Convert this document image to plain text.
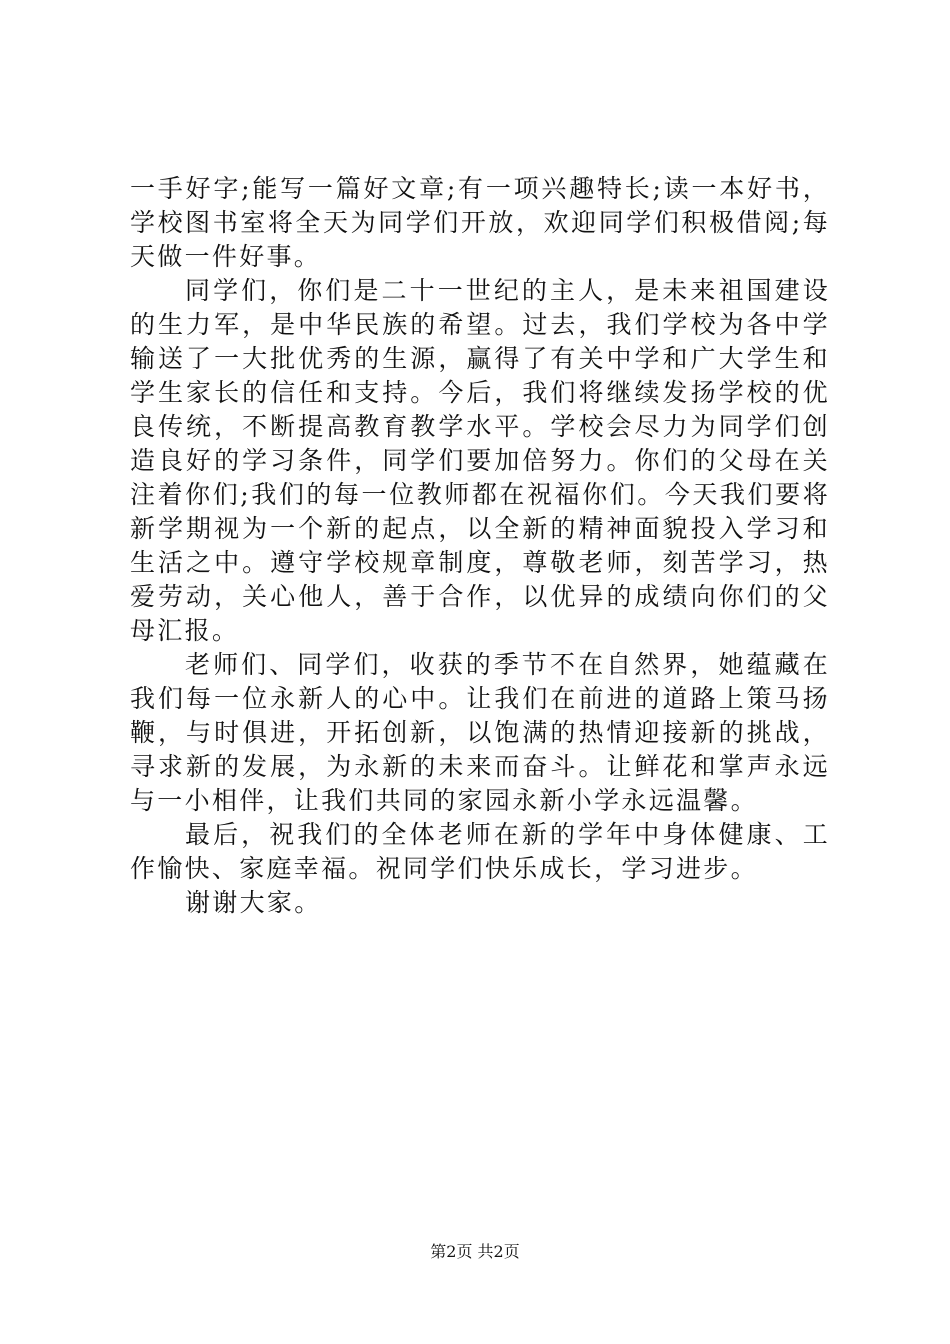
一手好字;能写一篇好文章;有一项兴趣特长;读一本好书，学校图书室将全天为同学们开放，欢迎同学们积极借阅;每天做一件好事。

同学们，你们是二十一世纪的主人，是未来祖国建设的生力军，是中华民族的希望。过去，我们学校为各中学输送了一大批优秀的生源，赢得了有关中学和广大学生和学生家长的信任和支持。今后，我们将继续发扬学校的优良传统，不断提高教育教学水平。学校会尽力为同学们创造良好的学习条件，同学们要加倍努力。你们的父母在关注着你们;我们的每一位教师都在祝福你们。今天我们要将新学期视为一个新的起点，以全新的精神面貌投入学习和生活之中。遵守学校规章制度，尊敬老师，刻苦学习，热爱劳动，关心他人，善于合作，以优异的成绩向你们的父母汇报。

老师们、同学们，收获的季节不在自然界，她蕴藏在我们每一位永新人的心中。让我们在前进的道路上策马扬鞭，与时俱进，开拓创新，以饱满的热情迎接新的挑战，寻求新的发展，为永新的未来而奋斗。让鲜花和掌声永远与一小相伴，让我们共同的家园永新小学永远温馨。

最后，祝我们的全体老师在新的学年中身体健康、工作愉快、家庭幸福。祝同学们快乐成长，学习进步。

谢谢大家。

第2页 共2页
